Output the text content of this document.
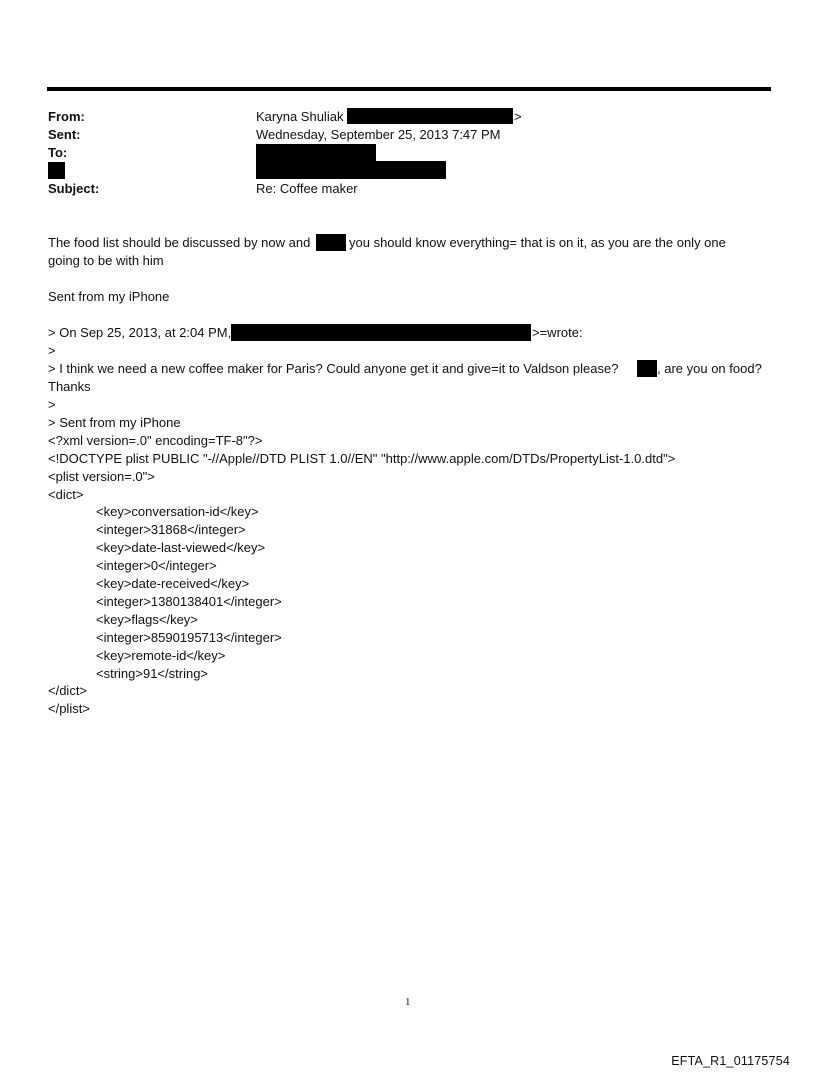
From:	Karyna Shuliak	>
Sent:	Wednesday, September 25, 2013 7:47 PM
To:
Subject:	Re: Coffee maker
The food list should be discussed by now and	you should know everything= that is on it, as you are the only one
going to be with him
Sent from my iPhone
> On Sep 25, 2013, at 2:04 PM,	>=wrote:
>
> I think we need a new coffee maker for Paris? Could anyone get it and give=it to Valdson please?	, are you on food?
Thanks
>
> Sent from my iPhone
<?xml version=.0" encoding=TF-8"?>
<!DOCTYPE plist PUBLIC "-//Apple//DTD PLIST 1.0//EN" "http://www.apple.com/DTDs/PropertyList-1.0.dtd">
<plist version=.0">
<dict>
<key>conversation-id</key>
<integer>31868</integer>
<key>date-last-viewed</key>
<integer>0</integer>
<key>date-received</key>
<integer>1380138401</integer>
<key>flags</key>
<integer>8590195713</integer>
<key>remote-id</key>
<string>91</string>
</dict>
</plist>
1
EFTA_R1_01175754
